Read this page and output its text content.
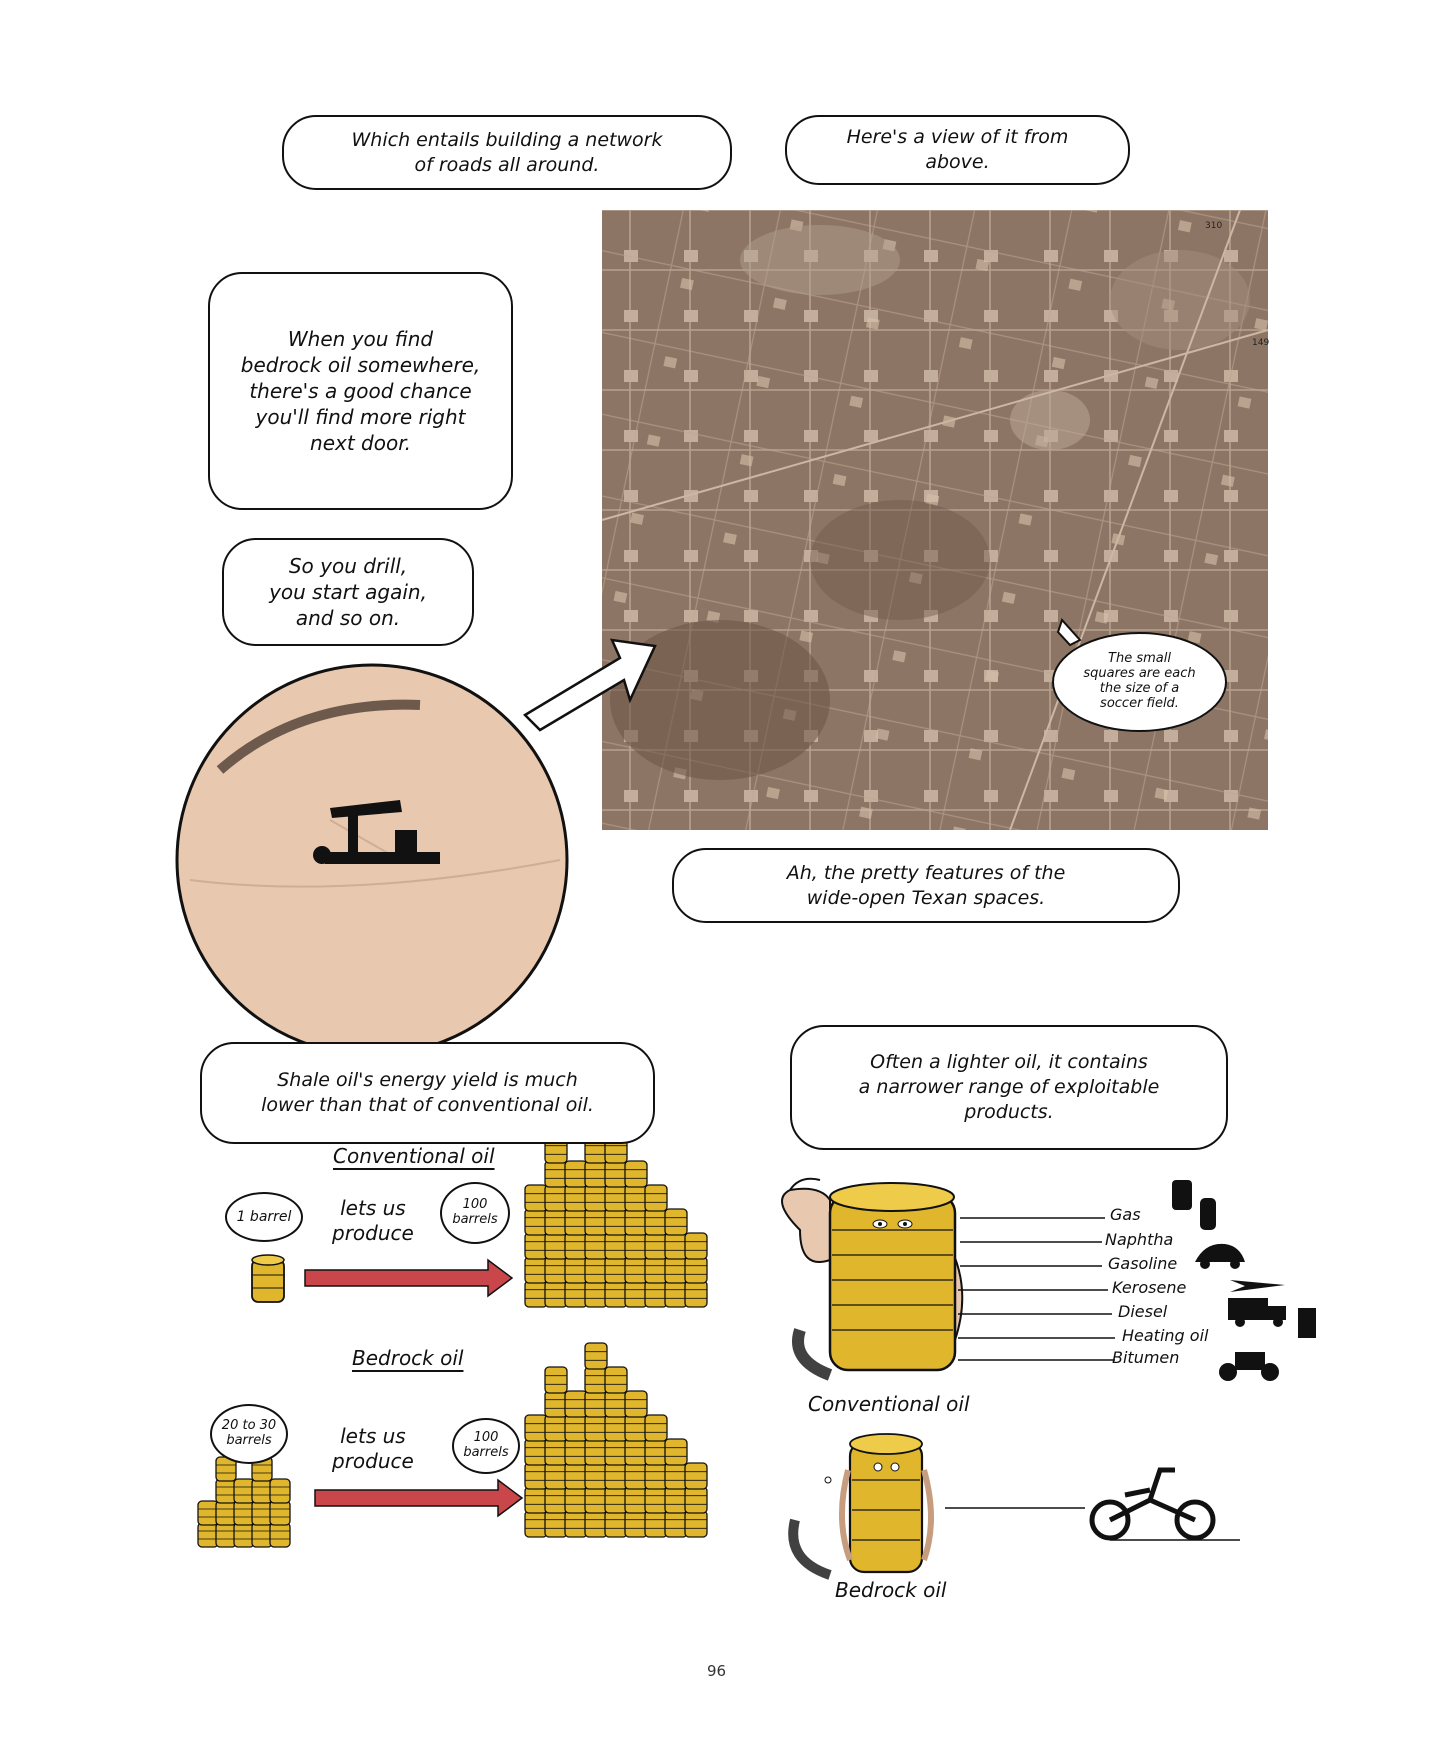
310
149
Which entails building a network
of roads all around.
Here's a view of it from
above.
When you find
bedrock oil somewhere,
there's a good chance
you'll find more right
next door.
So you drill,
you start again,
and so on.
The small
squares are each
the size of a
soccer field.
Ah, the pretty features of the
wide-open Texan spaces.
Shale oil's energy yield is much
lower than that of conventional oil.
Often a lighter oil, it contains
a narrower range of exploitable
products.
Conventional oil
1 barrel	lets us
produce
100
barrels
Bedrock oil
20 to 30
barrels	lets us
produce
100
barrels
Gas
Naphtha
Gasoline
Kerosene
Diesel
Heating oil
Bitumen
Conventional oil
Bedrock oil
96
